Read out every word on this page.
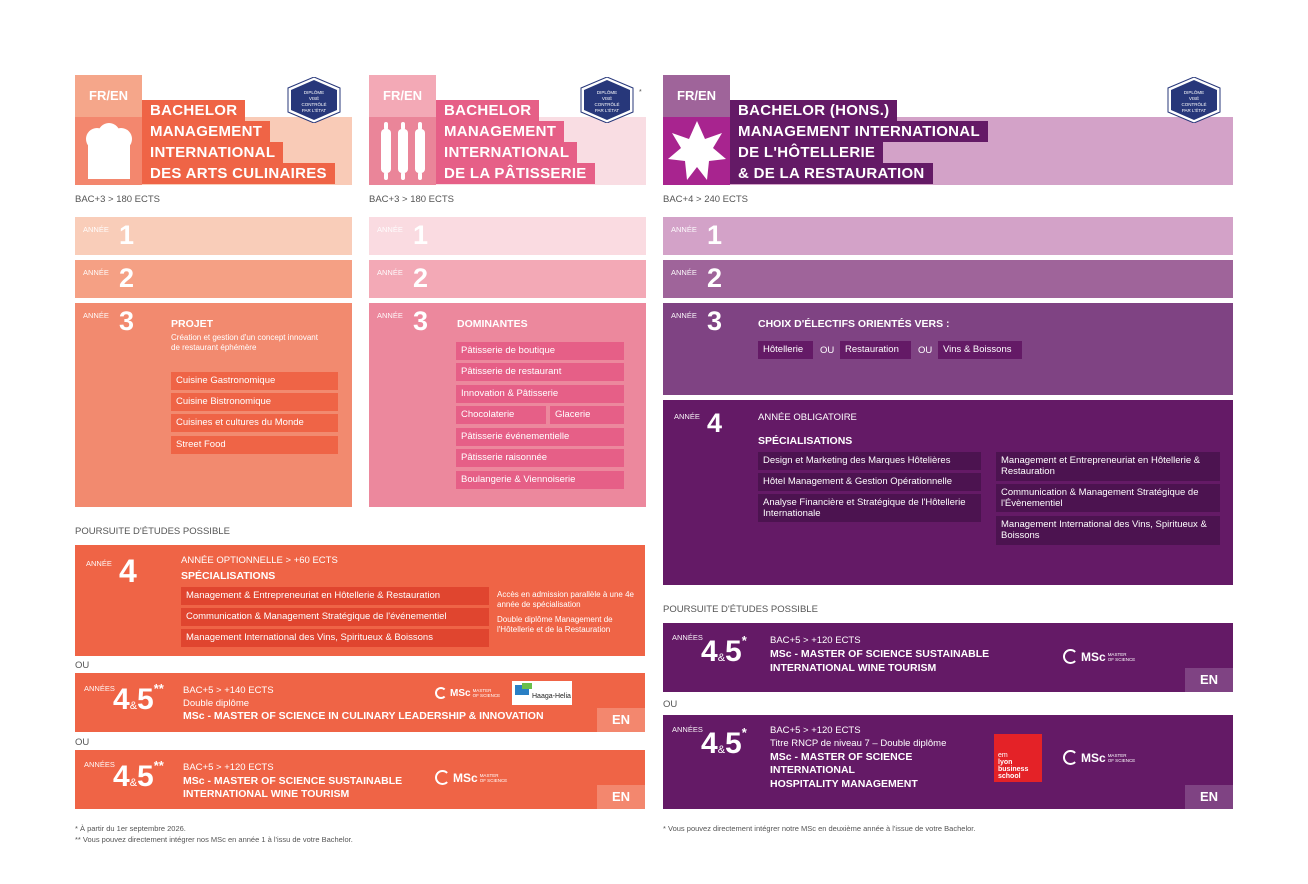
FR/EN
BACHELOR
MANAGEMENT
INTERNATIONAL
DES ARTS CULINAIRES
DIPLÔME
VISÉ
CONTRÔLÉ
PAR L'ÉTAT
BAC+3 > 180 ECTS
ANNÉE 1
ANNÉE 2
ANNÉE 3	PROJET
Création et gestion d'un concept innovant de restaurant éphémère
Cuisine Gastronomique
Cuisine Bistronomique
Cuisines et cultures du Monde
Street Food
FR/EN
BACHELOR
MANAGEMENT
INTERNATIONAL
DE LA PÂTISSERIE
DIPLÔME
VISÉ
CONTRÔLÉ
PAR L'ÉTAT
*
BAC+3 > 180 ECTS
ANNÉE 1
ANNÉE 2
ANNÉE 3	DOMINANTES
Pâtisserie de boutique
Pâtisserie de restaurant
Innovation & Pâtisserie
Chocolaterie	Glacerie
Pâtisserie événementielle
Pâtisserie raisonnée
Boulangerie & Viennoiserie
POURSUITE D'ÉTUDES POSSIBLE
ANNÉE 4	ANNÉE OPTIONNELLE > +60 ECTS
SPÉCIALISATIONS
Management & Entrepreneuriat en Hôtellerie & Restauration
Communication & Management Stratégique de l'événementiel
Management International des Vins, Spiritueux & Boissons
Accès en admission parallèle à une 4e année de spécialisation
Double diplôme Management de l'Hôtellerie et de la Restauration
OU
ANNÉES
4&5** BAC+5 > +140 ECTS
Double diplôme
MSc - MASTER OF SCIENCE IN CULINARY LEADERSHIP & INNOVATION
MSc MASTER
OF SCIENCE	Haaga-Helia
EN
OU
ANNÉES
4&5** BAC+5 > +120 ECTS
MSc - MASTER OF SCIENCE SUSTAINABLE
INTERNATIONAL WINE TOURISM
MSc MASTER
OF SCIENCE
EN
* À partir du 1er septembre 2026.
** Vous pouvez directement intégrer nos MSc en année 1 à l'issu de votre Bachelor.
FR/EN
BACHELOR (HONS.)
MANAGEMENT INTERNATIONAL
DE L'HÔTELLERIE
& DE LA RESTAURATION
DIPLÔME
VISÉ
CONTRÔLÉ
PAR L'ÉTAT
BAC+4 > 240 ECTS
ANNÉE 1
ANNÉE 2
ANNÉE 3	CHOIX D'ÉLECTIFS ORIENTÉS VERS :
Hôtellerie	OU	Restauration	OU	Vins & Boissons
ANNÉE 4	ANNÉE OBLIGATOIRE
SPÉCIALISATIONS
Design et Marketing des Marques Hôtelières
Hôtel Management & Gestion Opérationnelle
Analyse Financière et Stratégique de l'Hôtellerie Internationale
Management et Entrepreneuriat en Hôtellerie & Restauration
Communication & Management Stratégique de l'Évènementiel
Management International des Vins, Spiritueux & Boissons
POURSUITE D'ÉTUDES POSSIBLE
ANNÉES
4&5* BAC+5 > +120 ECTS
MSc - MASTER OF SCIENCE SUSTAINABLE
INTERNATIONAL WINE TOURISM
MSc MASTER
OF SCIENCE
EN
OU
ANNÉES
4&5* BAC+5 > +120 ECTS
Titre RNCP de niveau 7 – Double diplôme
MSc - MASTER OF SCIENCE
INTERNATIONAL
HOSPITALITY MANAGEMENT
em
lyon
business
school
MSc MASTER
OF SCIENCE
EN
* Vous pouvez directement intégrer notre MSc en deuxième année à l'issue de votre Bachelor.
